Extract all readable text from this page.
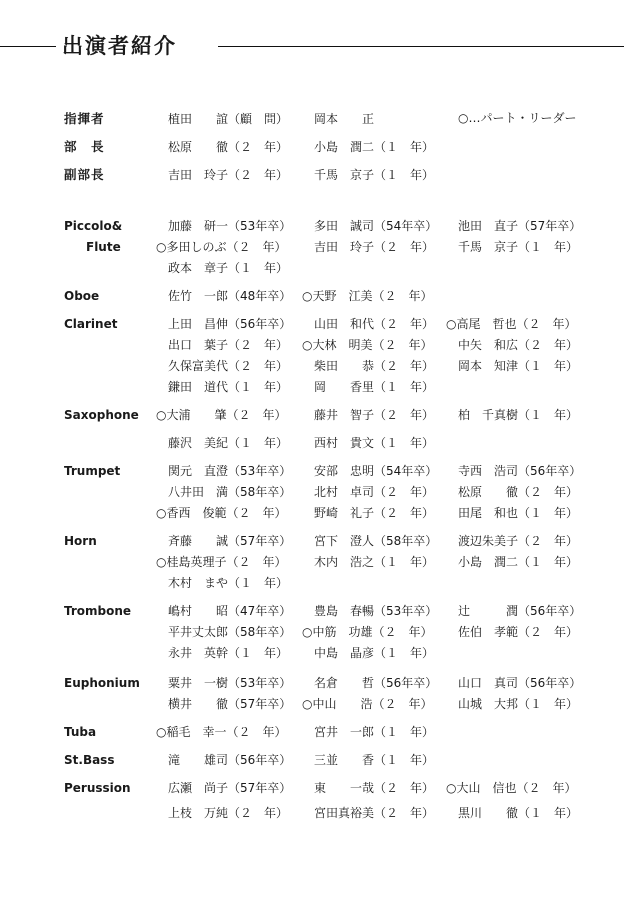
出演者紹介
○…パート・リーダー
指揮者	　植田　　誼（顧　問） 　岡本　　正
部　長	　松原　　徹（２　年） 　小島　潤二（１　年）
副部長	　吉田　玲子（２　年） 　千馬　京子（１　年）
Piccolo&	　加藤　研一（53年卒） 　多田　誠司（54年卒） 　池田　直子（57年卒）
Flute	○多田しのぶ（２　年） 　吉田　玲子（２　年） 　千馬　京子（１　年）
　政本　章子（１　年）
Oboe	　佐竹　一郎（48年卒） ○天野　江美（２　年）
Clarinet	　上田　昌伸（56年卒） 　山田　和代（２　年） ○高尾　哲也（２　年）
　出口　葉子（２　年） ○大林　明美（２　年） 　中矢　和広（２　年）
　久保富美代（２　年） 　柴田　　恭（２　年） 　岡本　知津（１　年）
　鎌田　道代（１　年） 　岡　　香里（１　年）
Saxophone ○大浦　　肇（２　年） 　藤井　智子（２　年） 　柏　千真樹（１　年）
　藤沢　美紀（１　年） 　西村　貴文（１　年）
Trumpet	　関元　直澄（53年卒） 　安部　忠明（54年卒） 　寺西　浩司（56年卒）
　八井田　満（58年卒） 　北村　卓司（２　年） 　松原　　徹（２　年）
○香西　俊範（２　年） 　野崎　礼子（２　年） 　田尾　和也（１　年）
Horn	　斉藤　　誠（57年卒） 　宮下　澄人（58年卒） 　渡辺朱美子（２　年）
○桂島英理子（２　年） 　木内　浩之（１　年） 　小島　潤二（１　年）
　木村　まや（１　年）
Trombone 　嶋村　　昭（47年卒） 　豊島　春暢（53年卒） 　辻　　　潤（56年卒）
　平井丈太郎（58年卒） ○中筋　功雄（２　年） 　佐伯　孝範（２　年）
　永井　英幹（１　年） 　中島　晶彦（１　年）
Euphonium 　粟井　一樹（53年卒） 　名倉　　哲（56年卒） 　山口　真司（56年卒）
　横井　　徹（57年卒） ○中山　　浩（２　年） 　山城　大邦（１　年）
Tuba	○稲毛　幸一（２　年） 　宮井　一郎（１　年）
St.Bass	　滝　　雄司（56年卒） 　三並　　香（１　年）
Perussion 　広瀬　尚子（57年卒） 　東　　一哉（２　年） ○大山　信也（２　年）
　上枝　万純（２　年） 　宮田真裕美（２　年） 　黒川　　徹（１　年）
